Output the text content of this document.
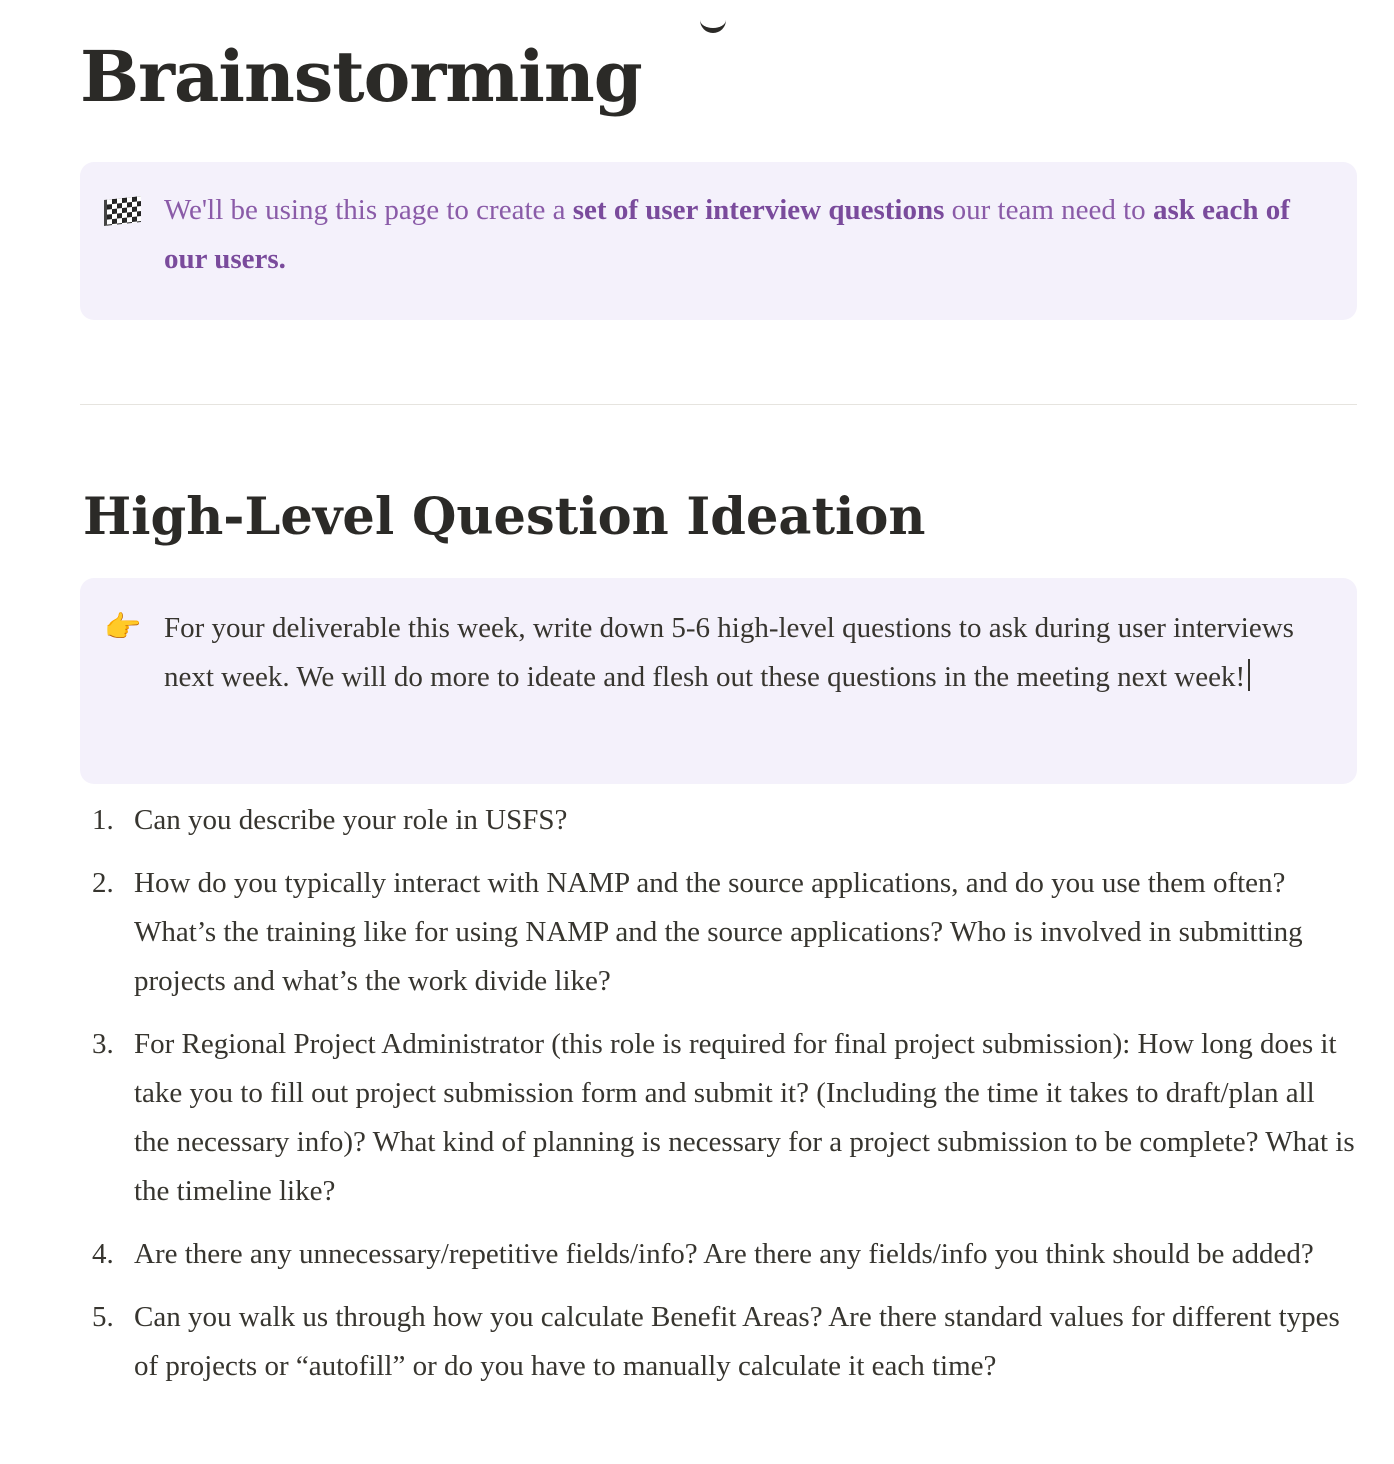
Brainstorming

We'll be using this page to create a set of user interview questions our team need to ask each of our users.

High-Level Question Ideation
👉 For your deliverable this week, write down 5-6 high-level questions to ask during user interviews next week. We will do more to ideate and flesh out these questions in the meeting next week!

1. Can you describe your role in USFS?
2. How do you typically interact with NAMP and the source applications, and do you use them often? What’s the training like for using NAMP and the source applications? Who is involved in submitting projects and what’s the work divide like?
3. For Regional Project Administrator (this role is required for final project submission): How long does it take you to fill out project submission form and submit it? (Including the time it takes to draft/plan all the necessary info)? What kind of planning is necessary for a project submission to be complete? What is the timeline like?
4. Are there any unnecessary/repetitive fields/info? Are there any fields/info you think should be added?
5. Can you walk us through how you calculate Benefit Areas? Are there standard values for different types of projects or “autofill” or do you have to manually calculate it each time?
